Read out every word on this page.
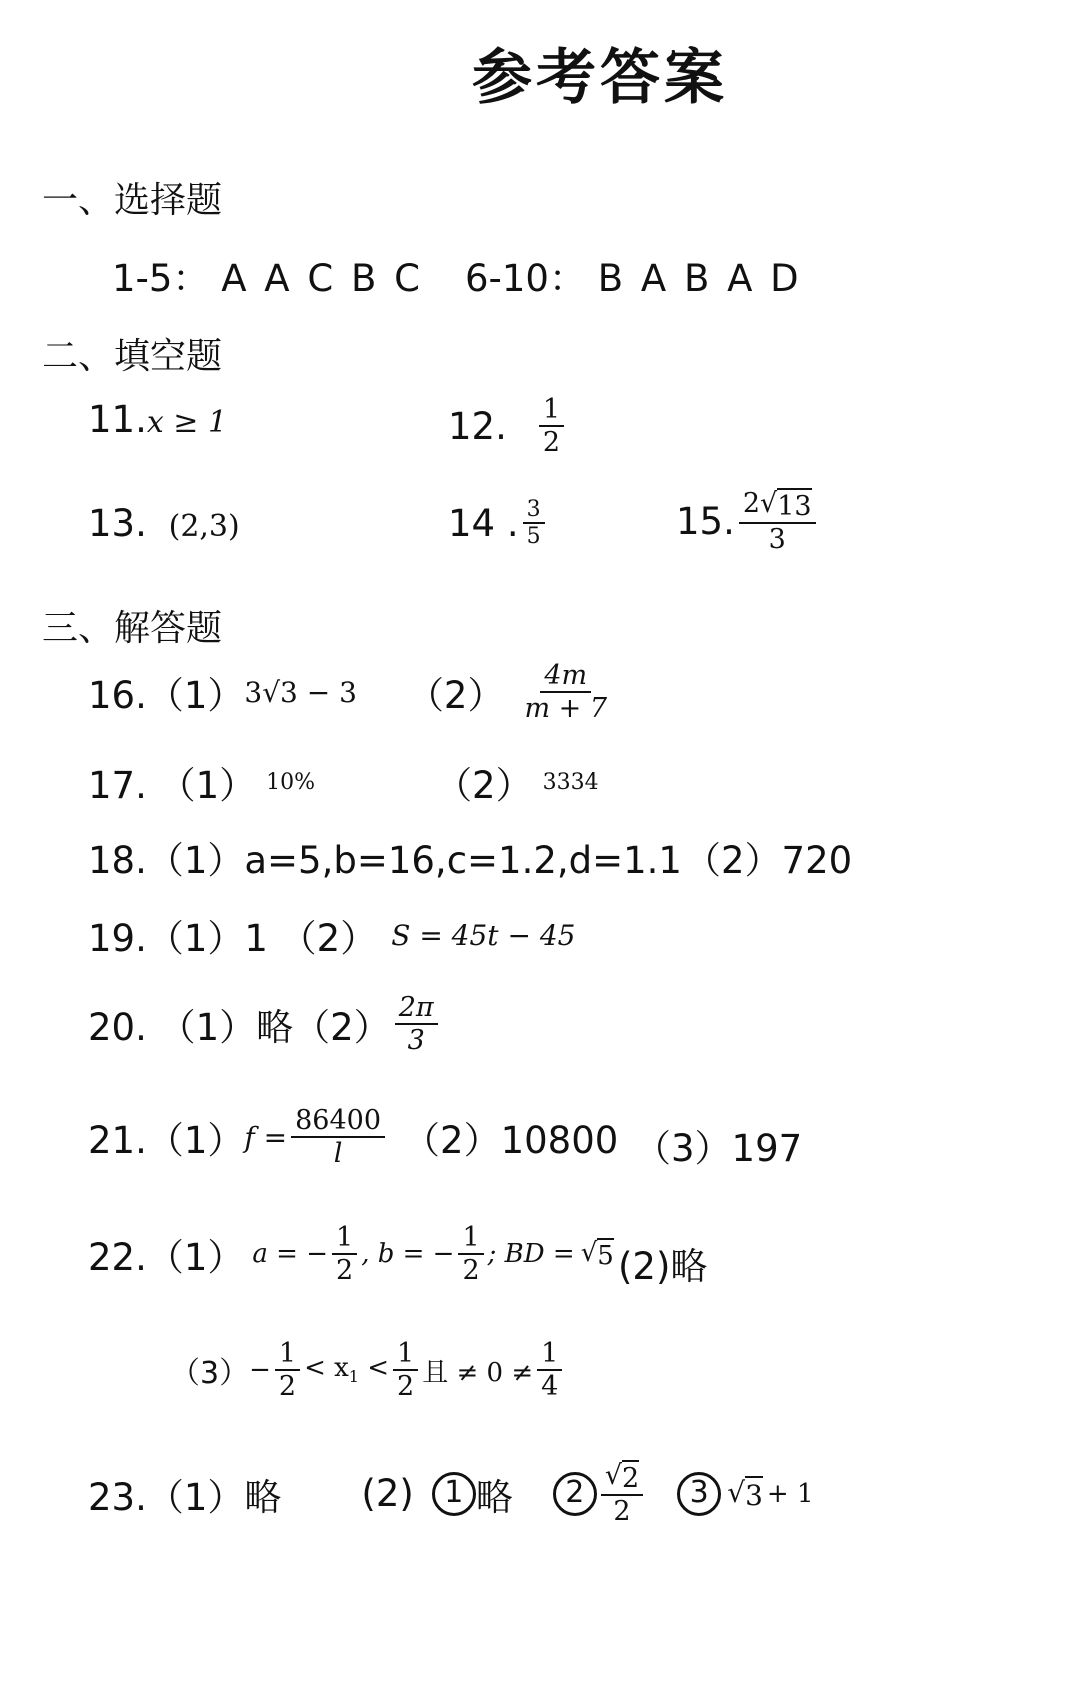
参考答案
一、选择题
1-5： A A C B C 6-10： B A B A D
二、填空题
11.x ≥ 1	12. $\frac{1}{2}$
13. (2,3)	14 . $\frac{3}{5}$	15. $\frac{2 √ 13}{3}$
三、解答题
16.（1） 3√3 − 3 $(2) \frac{4m}{m + 7}$
17. （1） 10%	（2） 3334
18.（1）a=5,b=16,c=1.2,d=1.1 （2）720
19.（1）1 （2） S = 45t − 45
20. （1）略$(2) \frac{2\pi}{3}$
21.（1） $f = \frac{86400}{l} (2)10800$ （3）197
22.（1） a = − $\frac{1}{2}$ , b = − $\frac{1}{2}$ ; BD = √ 5 (2)略
$(3) - \frac{1}{2} < x_1 < \frac{1}{2}$ 且 ≠ $0 \ne \frac{1}{4}$
23.（1）略 (2)	1 略	$2 \frac{√ 2}{2}$	3 √ 3 + 1
